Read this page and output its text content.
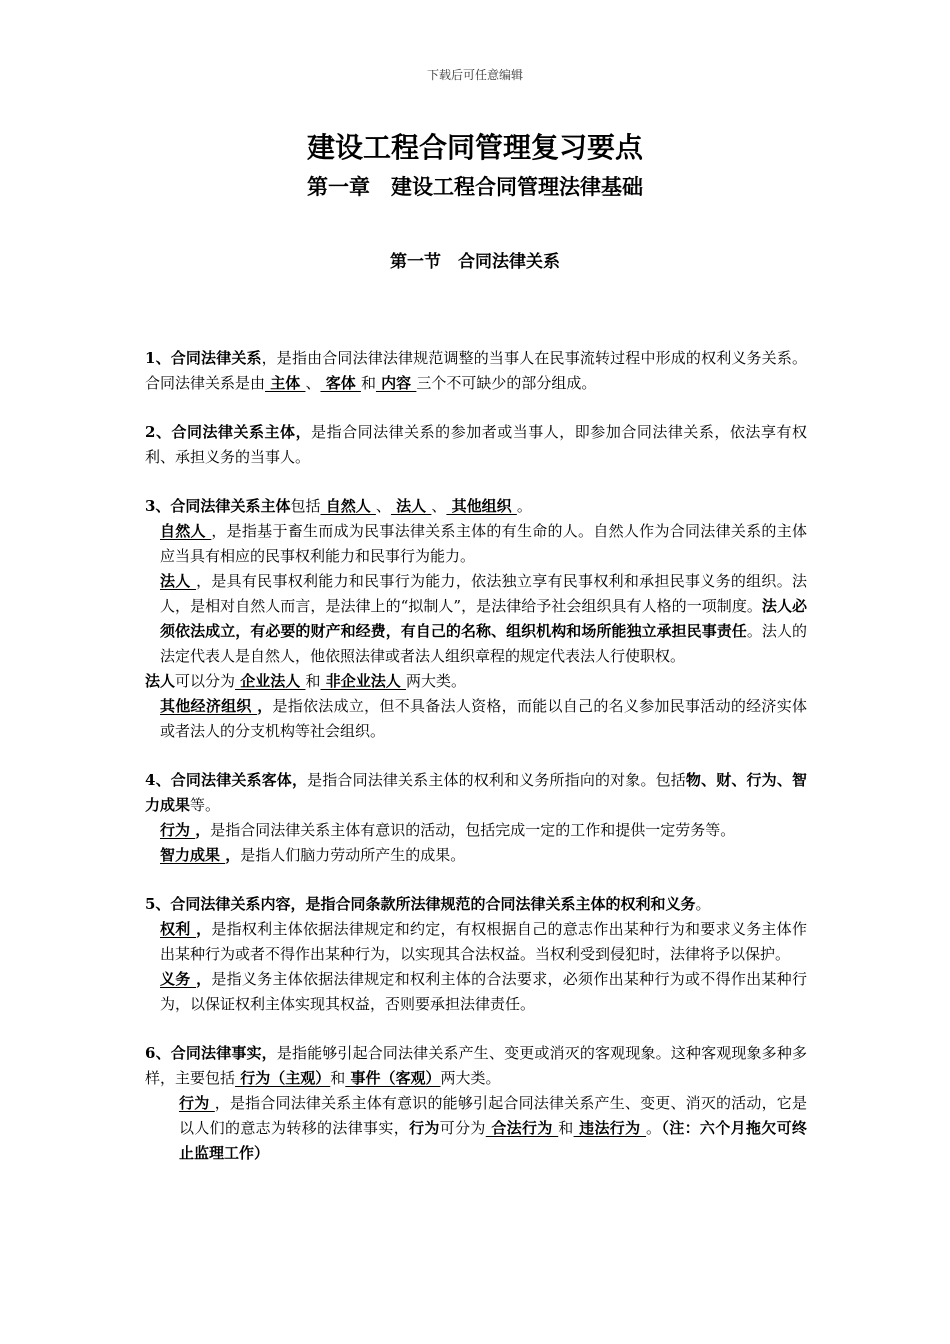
下载后可任意编辑
建设工程合同管理复习要点
第一章　建设工程合同管理法律基础
第一节　合同法律关系

1、合同法律关系，是指由合同法律法律规范调整的当事人在民事流转过程中形成的权利义务关系。合同法律关系是由 主体 、 客体 和 内容 三个不可缺少的部分组成。

2、合同法律关系主体，是指合同法律关系的参加者或当事人，即参加合同法律关系，依法享有权利、承担义务的当事人。

3、合同法律关系主体包括 自然人 、 法人 、 其他组织 。

自然人 ，是指基于畜生而成为民事法律关系主体的有生命的人。自然人作为合同法律关系的主体应当具有相应的民事权利能力和民事行为能力。

法人 ，是具有民事权利能力和民事行为能力，依法独立享有民事权利和承担民事义务的组织。法人，是相对自然人而言，是法律上的“拟制人”，是法律给予社会组织具有人格的一项制度。法人必须依法成立，有必要的财产和经费，有自己的名称、组织机构和场所能独立承担民事责任。法人的法定代表人是自然人，他依照法律或者法人组织章程的规定代表法人行使职权。

法人可以分为 企业法人 和 非企业法人 两大类。

其他经济组织 ，是指依法成立，但不具备法人资格，而能以自己的名义参加民事活动的经济实体或者法人的分支机构等社会组织。

4、合同法律关系客体，是指合同法律关系主体的权利和义务所指向的对象。包括物、财、行为、智力成果等。

行为 ，是指合同法律关系主体有意识的活动，包括完成一定的工作和提供一定劳务等。

智力成果 ，是指人们脑力劳动所产生的成果。

5、合同法律关系内容，是指合同条款所法律规范的合同法律关系主体的权利和义务。

权利 ，是指权利主体依据法律规定和约定，有权根据自己的意志作出某种行为和要求义务主体作出某种行为或者不得作出某种行为，以实现其合法权益。当权利受到侵犯时，法律将予以保护。

义务 ，是指义务主体依据法律规定和权利主体的合法要求，必须作出某种行为或不得作出某种行为，以保证权利主体实现其权益，否则要承担法律责任。

6、合同法律事实，是指能够引起合同法律关系产生、变更或消灭的客观现象。这种客观现象多种多样，主要包括 行为（主观）和 事件（客观）两大类。

行为 ，是指合同法律关系主体有意识的能够引起合同法律关系产生、变更、消灭的活动，它是以人们的意志为转移的法律事实，行为可分为 合法行为 和 违法行为 。（注：六个月拖欠可终止监理工作）
